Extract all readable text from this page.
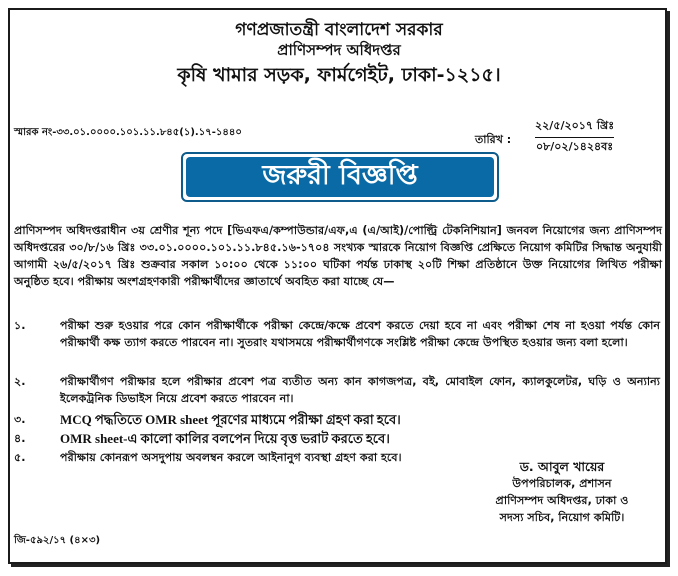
গণপ্রজাতন্ত্রী বাংলাদেশ সরকার
প্রাণিসম্পদ অধিদপ্তর
কৃষি খামার সড়ক, ফার্মগেইট, ঢাকা-১২১৫।
স্মারক নং-৩৩.০১.০০০০.১০১.১১.৮৪৫(১).১৭-১৪৪০
তারিখ :
২২/৫/২০১৭ খ্রিঃ
০৮/০২/১৪২৪বঃ
জরুরী বিজ্ঞপ্তি
প্রাণিসম্পদ অধিদপ্তরাধীন ৩য় শ্রেণীর শূন্য পদে [ভিএফএ/কম্পাউন্ডার/এফ,এ (এ/আই)/পোল্ট্রি টেকনিশিয়ান] জনবল নিয়োগের জন্য প্রাণিসম্পদ অধিদপ্তরের ৩০/৮/১৬ খ্রিঃ ৩৩.০১.০০০০.১০১.১১.৮৪৫.১৬-১৭০৪ সংখ্যক স্মারকে নিয়োগ বিজ্ঞপ্তি প্রেক্ষিতে নিয়োগ কমিটির সিদ্ধান্ত অনুযায়ী আগামী ২৬/৫/২০১৭ খ্রিঃ শুক্রবার সকাল ১০:০০ থেকে ১১:০০ ঘটিকা পর্যন্ত ঢাকাস্থ ২০টি শিক্ষা প্রতিষ্ঠানে উক্ত নিয়োগের লিখিত পরীক্ষা অনুষ্ঠিত হবে। পরীক্ষায় অংশগ্রহণকারী পরীক্ষার্থীদের জ্ঞাতার্থে অবহিত করা যাচ্ছে যে—
১.	পরীক্ষা শুরু হওয়ার পরে কোন পরীক্ষার্থীকে পরীক্ষা কেন্দ্রে/কক্ষে প্রবেশ করতে দেয়া হবে না এবং পরীক্ষা শেষ না হওয়া পর্যন্ত কোন পরীক্ষার্থী কক্ষ ত্যাগ করতে পারবেন না। সুতরাং যথাসময়ে পরীক্ষার্থীগণকে সংশ্লিষ্ট পরীক্ষা কেন্দ্রে উপস্থিত হওয়ার জন্য বলা হলো।
২.	পরীক্ষার্থীগণ পরীক্ষার হলে পরীক্ষার প্রবেশ পত্র ব্যতীত অন্য কান কাগজপত্র, বই, মোবাইল ফোন, ক্যালকুলেটর, ঘড়ি ও অন্যান্য ইলেকট্রনিক ডিভাইস নিয়ে প্রবেশ করতে পারবেন না।
৩.	MCQ পদ্ধতিতে OMR sheet পূরণের মাধ্যমে পরীক্ষা গ্রহণ করা হবে।
৪.	OMR sheet-এ কালো কালির বলপেন দিয়ে বৃত্ত ভরাট করতে হবে।
৫.	পরীক্ষায় কোনরূপ অসদুপায় অবলম্বন করলে আইনানুগ ব্যবস্থা গ্রহণ করা হবে।
ড. আবুল খায়ের
উপপরিচালক, প্রশাসন
প্রাণিসম্পদ অধিদপ্তর, ঢাকা ও
সদস্য সচিব, নিয়োগ কমিটি।
জি-৫৯২/১৭ (৪×৩)
